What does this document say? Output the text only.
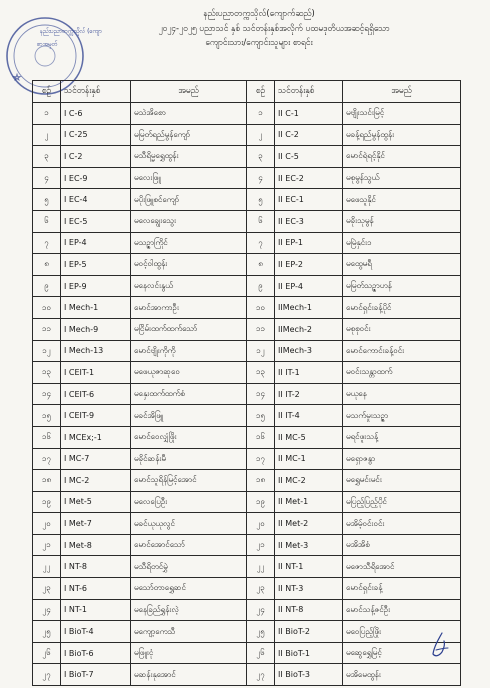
နည်းပညာတက္ကသိုလ်(ကျောက်ဆည်)
၂၀၂၄-၂၀၂၅ ပညာသင် နှစ် သင်တန်းနှစ်အလိုက် ပထမဒုတိယအဆင့်ရရှိသော
ကျောင်းသား/ကျောင်းသူများ စာရင်း
နည်းပညာတက္ကသိုလ် (ကျော
စာအမှတ်
စဉ်	သင်တန်းနှစ်	အမည်	စဉ်	သင်တန်းနှစ်	အမည်
၁	I C-6	မသဲအိစော	၁	II C-1	မဗျိုးသင်းမြင့်
၂	I C-25	မမြတ်ရည်မွန်ကျော်	၂	II C-2	မခန့်ရည်မွန်ထွန်း
၃	I C-2	မသီရိမ္မရွှေထွန်း	၃	II C-5	မောင်ရဲရင့်နိုင်
၄	I EC-9	မလေးဖြူ	၄	II EC-2	မစုမွန်သွယ်
၅	I EC-4	မပိုးဖြူစင်ကျော်	၅	II EC-1	မဖေသူနိုင်
၆	I EC-5	မလေချွေးသွေး	၆	II EC-3	မခိုးသုမွန်
၇	I EP-4	မသဉ္ဇာကြိုင်	၇	II EP-1	မမြဲနှင်း၁
၈	I EP-5	မဝင့်ဝါထွန်း	၈	II EP-2	မထွေမရီ
၉	I EP-9	မနေလင်းနွယ်	၉	II EP-4	မမြတ်သဉ္ဇာဟန်
၁၀	I Mech-1	မောင်အာကာဦး	၁၀	IIMech-1	မောင်ရှင်းခန့်ပိုင်
၁၁	I Mech-9	မငြိမ်းထက်ထက်သော်	၁၁	IIMech-2	မစုစုဝင်း
၁၂	I Mech-13	မောင်ဗျိုးကိုကို	၁၂	IIMech-3	မောင်ကောင်းခန့်ဝင်း
၁၃	I CEIT-1	မဖေယုဇာဆုဝေ	၁၃	II IT-1	မဝင်းသန္တာထက်
၁၄	I CEIT-6	မနှေးထက်ထက်စံ	၁၄	II IT-2	မယုနေ
၁၅	I CEIT-9	မခင်အိဖြူ	၁၅	II IT-4	မသက်မှုးသဉ္ဇာ
၁၆	I MCEx;-1	မောင်ဝေလျှံဖြိုး	၁၆	II MC-5	မရင်ဖူးသန့်
၁၇	I MC-7	မခိုင်ဆန်းမီ	၁၇	II MC-1	မရှောဇနွာ
၁၈	I MC-2	မောင်သူရိန်မြင့်အောင်	၁၈	II MC-2	မရွှေမင်းမင်း
၁၉	I Met-5	မလေပြေဦး	၁၉	II Met-1	မပြည့်ပြည့်ပိုင်
၂၀	I Met-7	မခင်ယုယုလွင်	၂၀	II Met-2	မအိမ့်ဝင်းဝင်း
၂၁	I Met-8	မောင်အောင်သော်	၂၁	II Met-3	မအိအိစံ
၂၂	I NT-8	မသီရိတင်မွှဲ	၂၂	II NT-1	မဇောသီရိအောင်
၂၃	I NT-6	မသော်တာရွှေဆင်	၂၃	II NT-3	မောင်ရှင်းခန့်
၂၄	I NT-1	မနေခြည်ရွှန်းလဲ့	၂၄	II NT-8	မောင်သန့်ဇင်ဦး
၂၅	I BioT-4	မကျော့ကေသီ	၂၅	II BioT-2	မဝေပြည့်ဖြိုး
၂၆	I BioT-6	မဖြူးငုံ	၂၆	II BioT-1	မဆွေရွှေမြင့်
၂၇	I BioT-7	မဆန်းနုအောင်	၂၇	II BioT-3	မအိမေထွန်း
